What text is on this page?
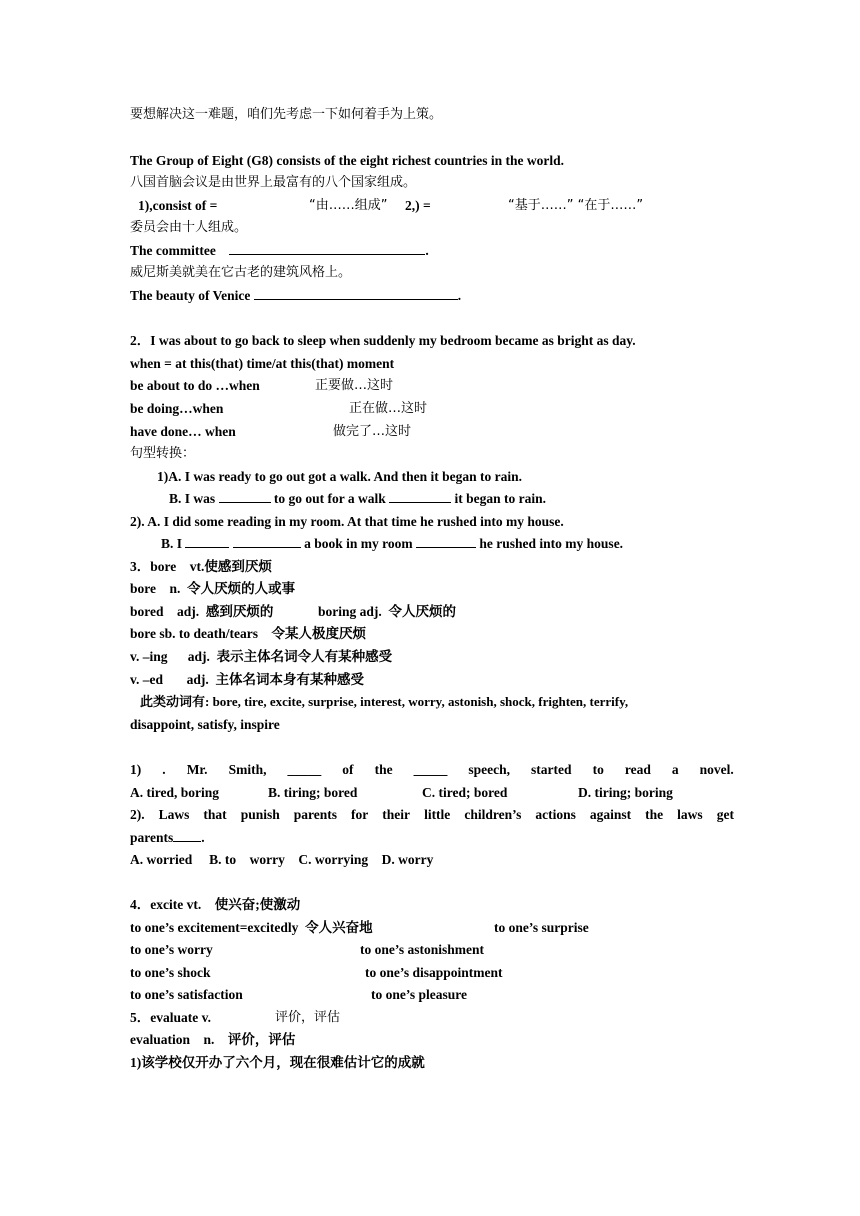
要想解决这一难题，咱们先考虑一下如何着手为上策。
The Group of Eight (G8) consists of the eight richest countries in the world.
八国首脑会议是由世界上最富有的八个国家组成。
1),consist of =	“由……组成” 2,) =	“基于……” “在于……”
委员会由十人组成。
The committee	.
威尼斯美就美在它古老的建筑风格上。
The beauty of Venice	.
2．I was about to go back to sleep when suddenly my bedroom became as bright as day.
when = at this(that) time/at this(that) moment
be about to do …when	正要做…这时
be doing…when	正在做…这时
have done… when	做完了…这时
句型转换：
1)A. I was ready to go out got a walk. And then it began to rain.
B. I was	to go out for a walk	it began to rain.
2). A. I did some reading in my room. At that time he rushed into my house.
B. I	a book in my room	he rushed into my house.
3．bore　vt.使感到厌烦
bore　n.  令人厌烦的人或事
bored　adj.  感到厌烦的	boring adj.  令人厌烦的
bore sb. to death/tears　令某人极度厌烦
v. –ing　  adj.  表示主体名词令人有某种感受
v. –ed　   adj.  主体名词本身有某种感受
此类动词有: bore, tire, excite, surprise, interest, worry, astonish, shock, frighten, terrify,
disappoint, satisfy, inspire
1) . Mr. Smith, _____ of the _____ speech, started to read a novel.
A. tired, boring	B. tiring; bored	C. tired; bored	D. tiring; boring
2). Laws that punish parents for their little children’s actions against the laws get
parents .
A. worried　 B. to　worry　C. worrying　D. worry
4．excite vt.　使兴奋;使激动
to one’s excitement=excitedly  令人兴奋地	to one’s surprise
to one’s worry	to one’s astonishment
to one’s shock	to one’s disappointment
to one’s satisfaction	to one’s pleasure
5．evaluate v.	评价，评估
evaluation　n.　评价，评估
1)该学校仅开办了六个月，现在很难估计它的成就
